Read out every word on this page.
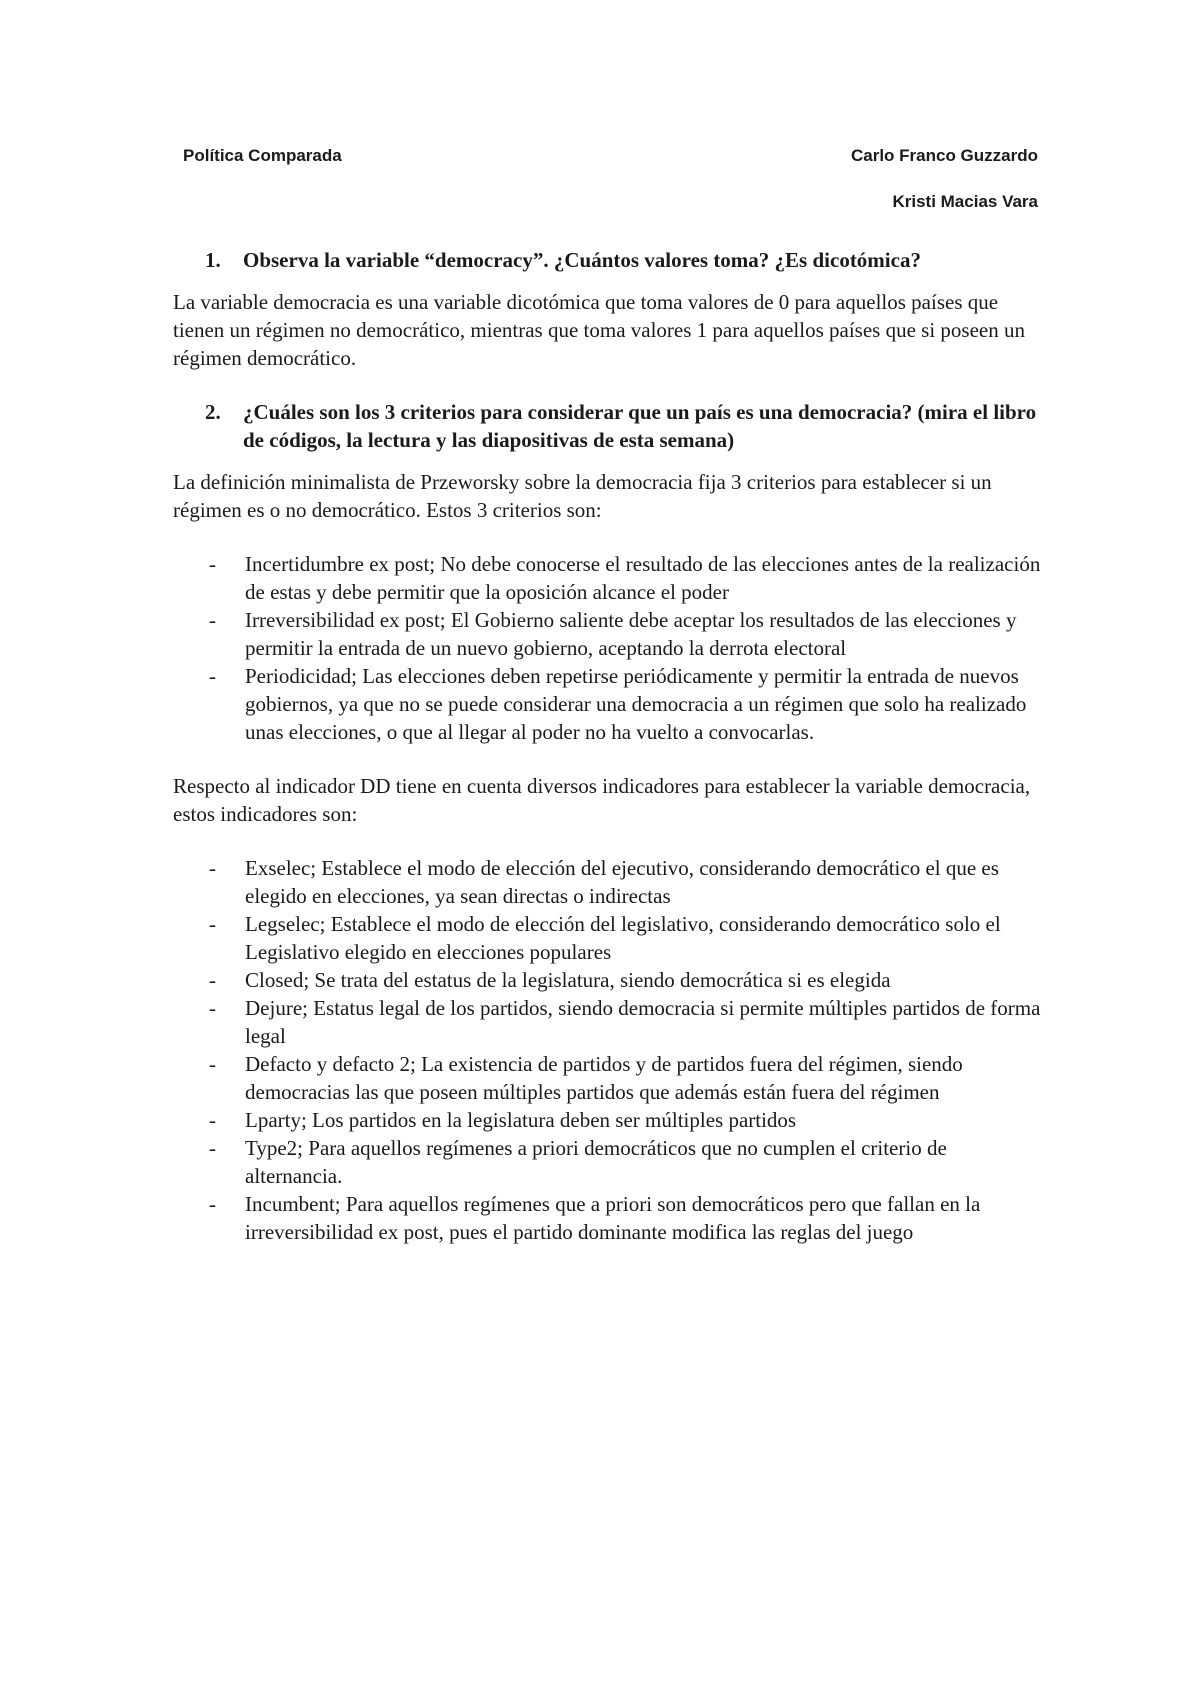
Política Comparada	Carlo Franco Guzzardo
Kristi Macias Vara
1.	Observa la variable “democracy”. ¿Cuántos valores toma? ¿Es dicotómica?

La variable democracia es una variable dicotómica que toma valores de 0 para aquellos países que tienen un régimen no democrático, mientras que toma valores 1 para aquellos países que si poseen un régimen democrático.

2.	¿Cuáles son los 3 criterios para considerar que un país es una democracia? (mira el libro de códigos, la lectura y las diapositivas de esta semana)

La definición minimalista de Przeworsky sobre la democracia fija 3 criterios para establecer si un régimen es o no democrático. Estos 3 criterios son:

-	Incertidumbre ex post; No debe conocerse el resultado de las elecciones antes de la realización de estas y debe permitir que la oposición alcance el poder
-	Irreversibilidad ex post; El Gobierno saliente debe aceptar los resultados de las elecciones y permitir la entrada de un nuevo gobierno, aceptando la derrota electoral
-	Periodicidad; Las elecciones deben repetirse periódicamente y permitir la entrada de nuevos gobiernos, ya que no se puede considerar una democracia a un régimen que solo ha realizado unas elecciones, o que al llegar al poder no ha vuelto a convocarlas.

Respecto al indicador DD tiene en cuenta diversos indicadores para establecer la variable democracia, estos indicadores son:

-	Exselec; Establece el modo de elección del ejecutivo, considerando democrático el que es elegido en elecciones, ya sean directas o indirectas
-	Legselec; Establece el modo de elección del legislativo, considerando democrático solo el Legislativo elegido en elecciones populares
-	Closed; Se trata del estatus de la legislatura, siendo democrática si es elegida
-	Dejure; Estatus legal de los partidos, siendo democracia si permite múltiples partidos de forma legal
-	Defacto y defacto 2; La existencia de partidos y de partidos fuera del régimen, siendo democracias las que poseen múltiples partidos que además están fuera del régimen
-	Lparty; Los partidos en la legislatura deben ser múltiples partidos
-	Type2; Para aquellos regímenes a priori democráticos que no cumplen el criterio de alternancia.
-	Incumbent; Para aquellos regímenes que a priori son democráticos pero que fallan en la irreversibilidad ex post, pues el partido dominante modifica las reglas del juego
